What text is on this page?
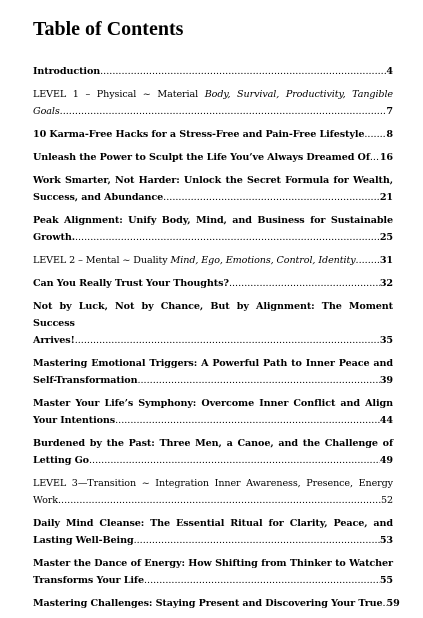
Table of Contents
Introduction .....	4
LEVEL 1 – Physical ~ Material Body, Survival, Productivity, Tangible
Goals .....	7
10 Karma-Free Hacks for a Stress-Free and Pain-Free Lifestyle ..... 8
Unleash the Power to Sculpt the Life You’ve Always Dreamed Of ..... 16
Work Smarter, Not Harder: Unlock the Secret Formula for Wealth,
Success, and Abundance .....	21
Peak Alignment: Unify Body, Mind, and Business for Sustainable
Growth. .....	25
LEVEL 2 – Mental ~ Duality Mind, Ego, Emotions, Control, Identity .....	31
Can You Really Trust Your Thoughts? .....	32
Not by Luck, Not by Chance, But by Alignment: The Moment Success
Arrives! .....	35
Mastering Emotional Triggers: A Powerful Path to Inner Peace and
Self-Transformation .....	39
Master Your Life’s Symphony: Overcome Inner Conflict and Align
Your Intentions .....	44
Burdened by the Past: Three Men, a Canoe, and the Challenge of
Letting Go .....	49
LEVEL 3—Transition ~ Integration Inner Awareness, Presence, Energy
Work .....	52
Daily Mind Cleanse: The Essential Ritual for Clarity, Peace, and
Lasting Well-Being .....	53
Master the Dance of Energy: How Shifting from Thinker to Watcher
Transforms Your Life .....	55
Mastering Challenges: Staying Present and Discovering Your True ..... 59
